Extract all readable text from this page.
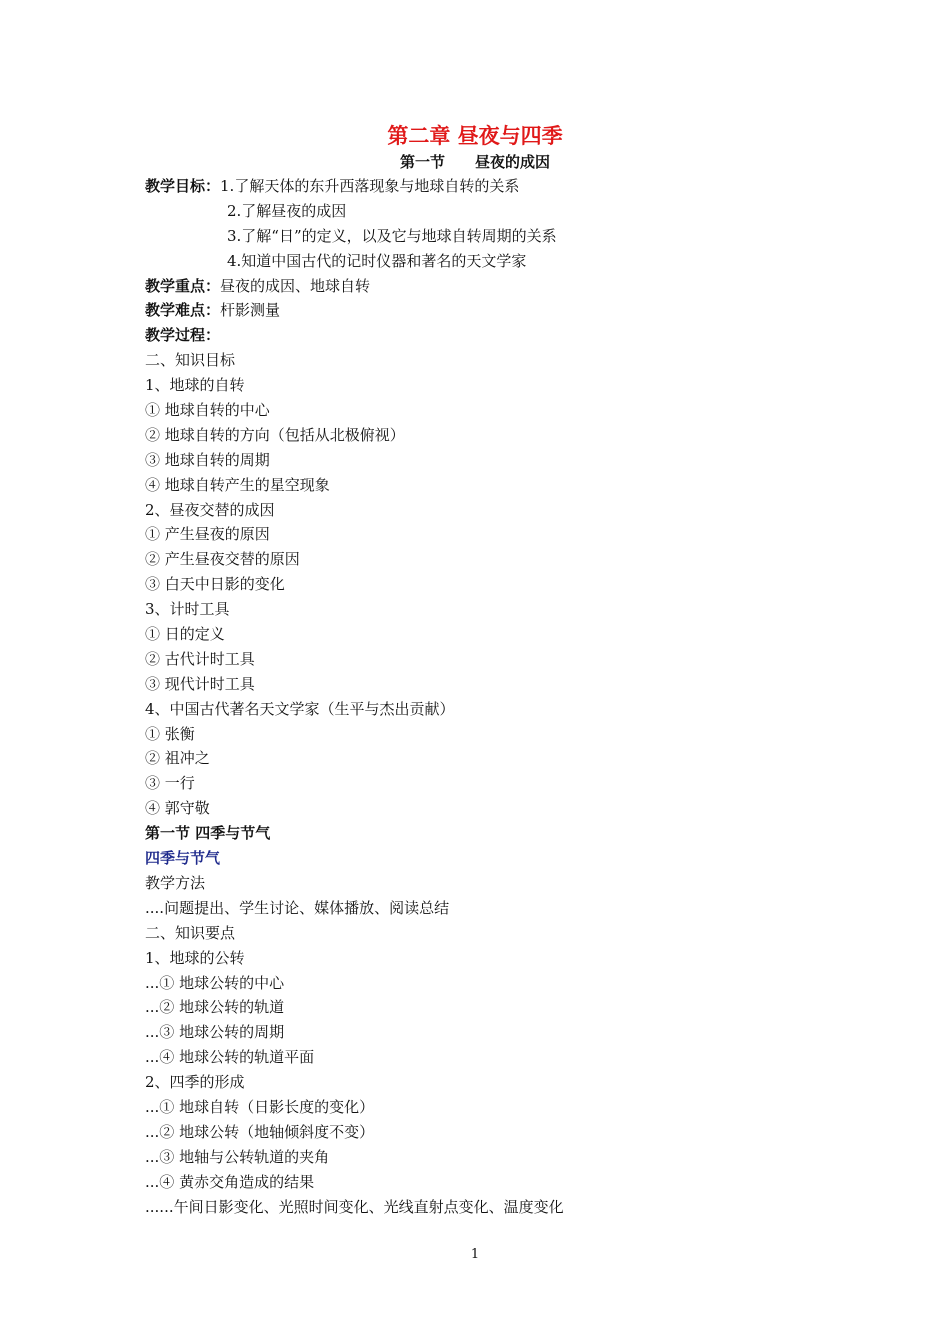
第二章 昼夜与四季
第一节 昼夜的成因
教学目标：1.了解天体的东升西落现象与地球自转的关系
2.了解昼夜的成因
3.了解“日”的定义，以及它与地球自转周期的关系
4.知道中国古代的记时仪器和著名的天文学家
教学重点：昼夜的成因、地球自转
教学难点：杆影测量
教学过程：
二、知识目标
1、地球的自转
① 地球自转的中心
② 地球自转的方向（包括从北极俯视）
③ 地球自转的周期
④ 地球自转产生的星空现象
2、昼夜交替的成因
① 产生昼夜的原因
② 产生昼夜交替的原因
③ 白天中日影的变化
3、计时工具
① 日的定义
② 古代计时工具
③ 现代计时工具
4、中国古代著名天文学家（生平与杰出贡献）
① 张衡
② 祖冲之
③ 一行
④ 郭守敬
第一节 四季与节气
四季与节气
教学方法
....问题提出、学生讨论、媒体播放、阅读总结
二、知识要点
1、地球的公转
...① 地球公转的中心
...② 地球公转的轨道
...③ 地球公转的周期
...④ 地球公转的轨道平面
2、四季的形成
...① 地球自转（日影长度的变化）
...② 地球公转（地轴倾斜度不变）
...③ 地轴与公转轨道的夹角
...④ 黄赤交角造成的结果
......午间日影变化、光照时间变化、光线直射点变化、温度变化
1
